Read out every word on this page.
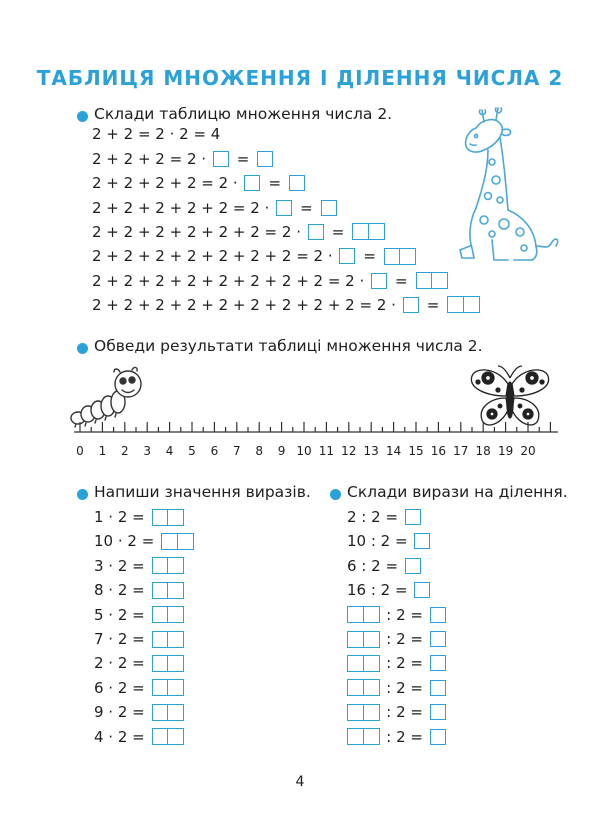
ТАБЛИЦЯ МНОЖЕННЯ І ДІЛЕННЯ ЧИСЛА 2
Склади таблицю множення числа 2.
2 + 2 = 2 · 2 = 4
2 + 2 + 2 = 2 · =
2 + 2 + 2 + 2 = 2 · =
2 + 2 + 2 + 2 + 2 = 2 · =
2 + 2 + 2 + 2 + 2 + 2 = 2 · =
2 + 2 + 2 + 2 + 2 + 2 + 2 = 2 · =
2 + 2 + 2 + 2 + 2 + 2 + 2 + 2 = 2 · =
2 + 2 + 2 + 2 + 2 + 2 + 2 + 2 + 2 = 2 · =
Обведи результати таблиці множення числа 2.
0 1 2 3 4 5 6 7 8 9 10 11 12 13 14 15 16 17 18 19 20
Напиши значення виразів.
1 · 2 =
10 · 2 =
3 · 2 =
8 · 2 =
5 · 2 =
7 · 2 =
2 · 2 =
6 · 2 =
9 · 2 =
4 · 2 =
Склади вирази на ділення.
2 : 2 =
10 : 2 =
6 : 2 =
16 : 2 =
: 2 =
: 2 =
: 2 =
: 2 =
: 2 =
: 2 =
4
